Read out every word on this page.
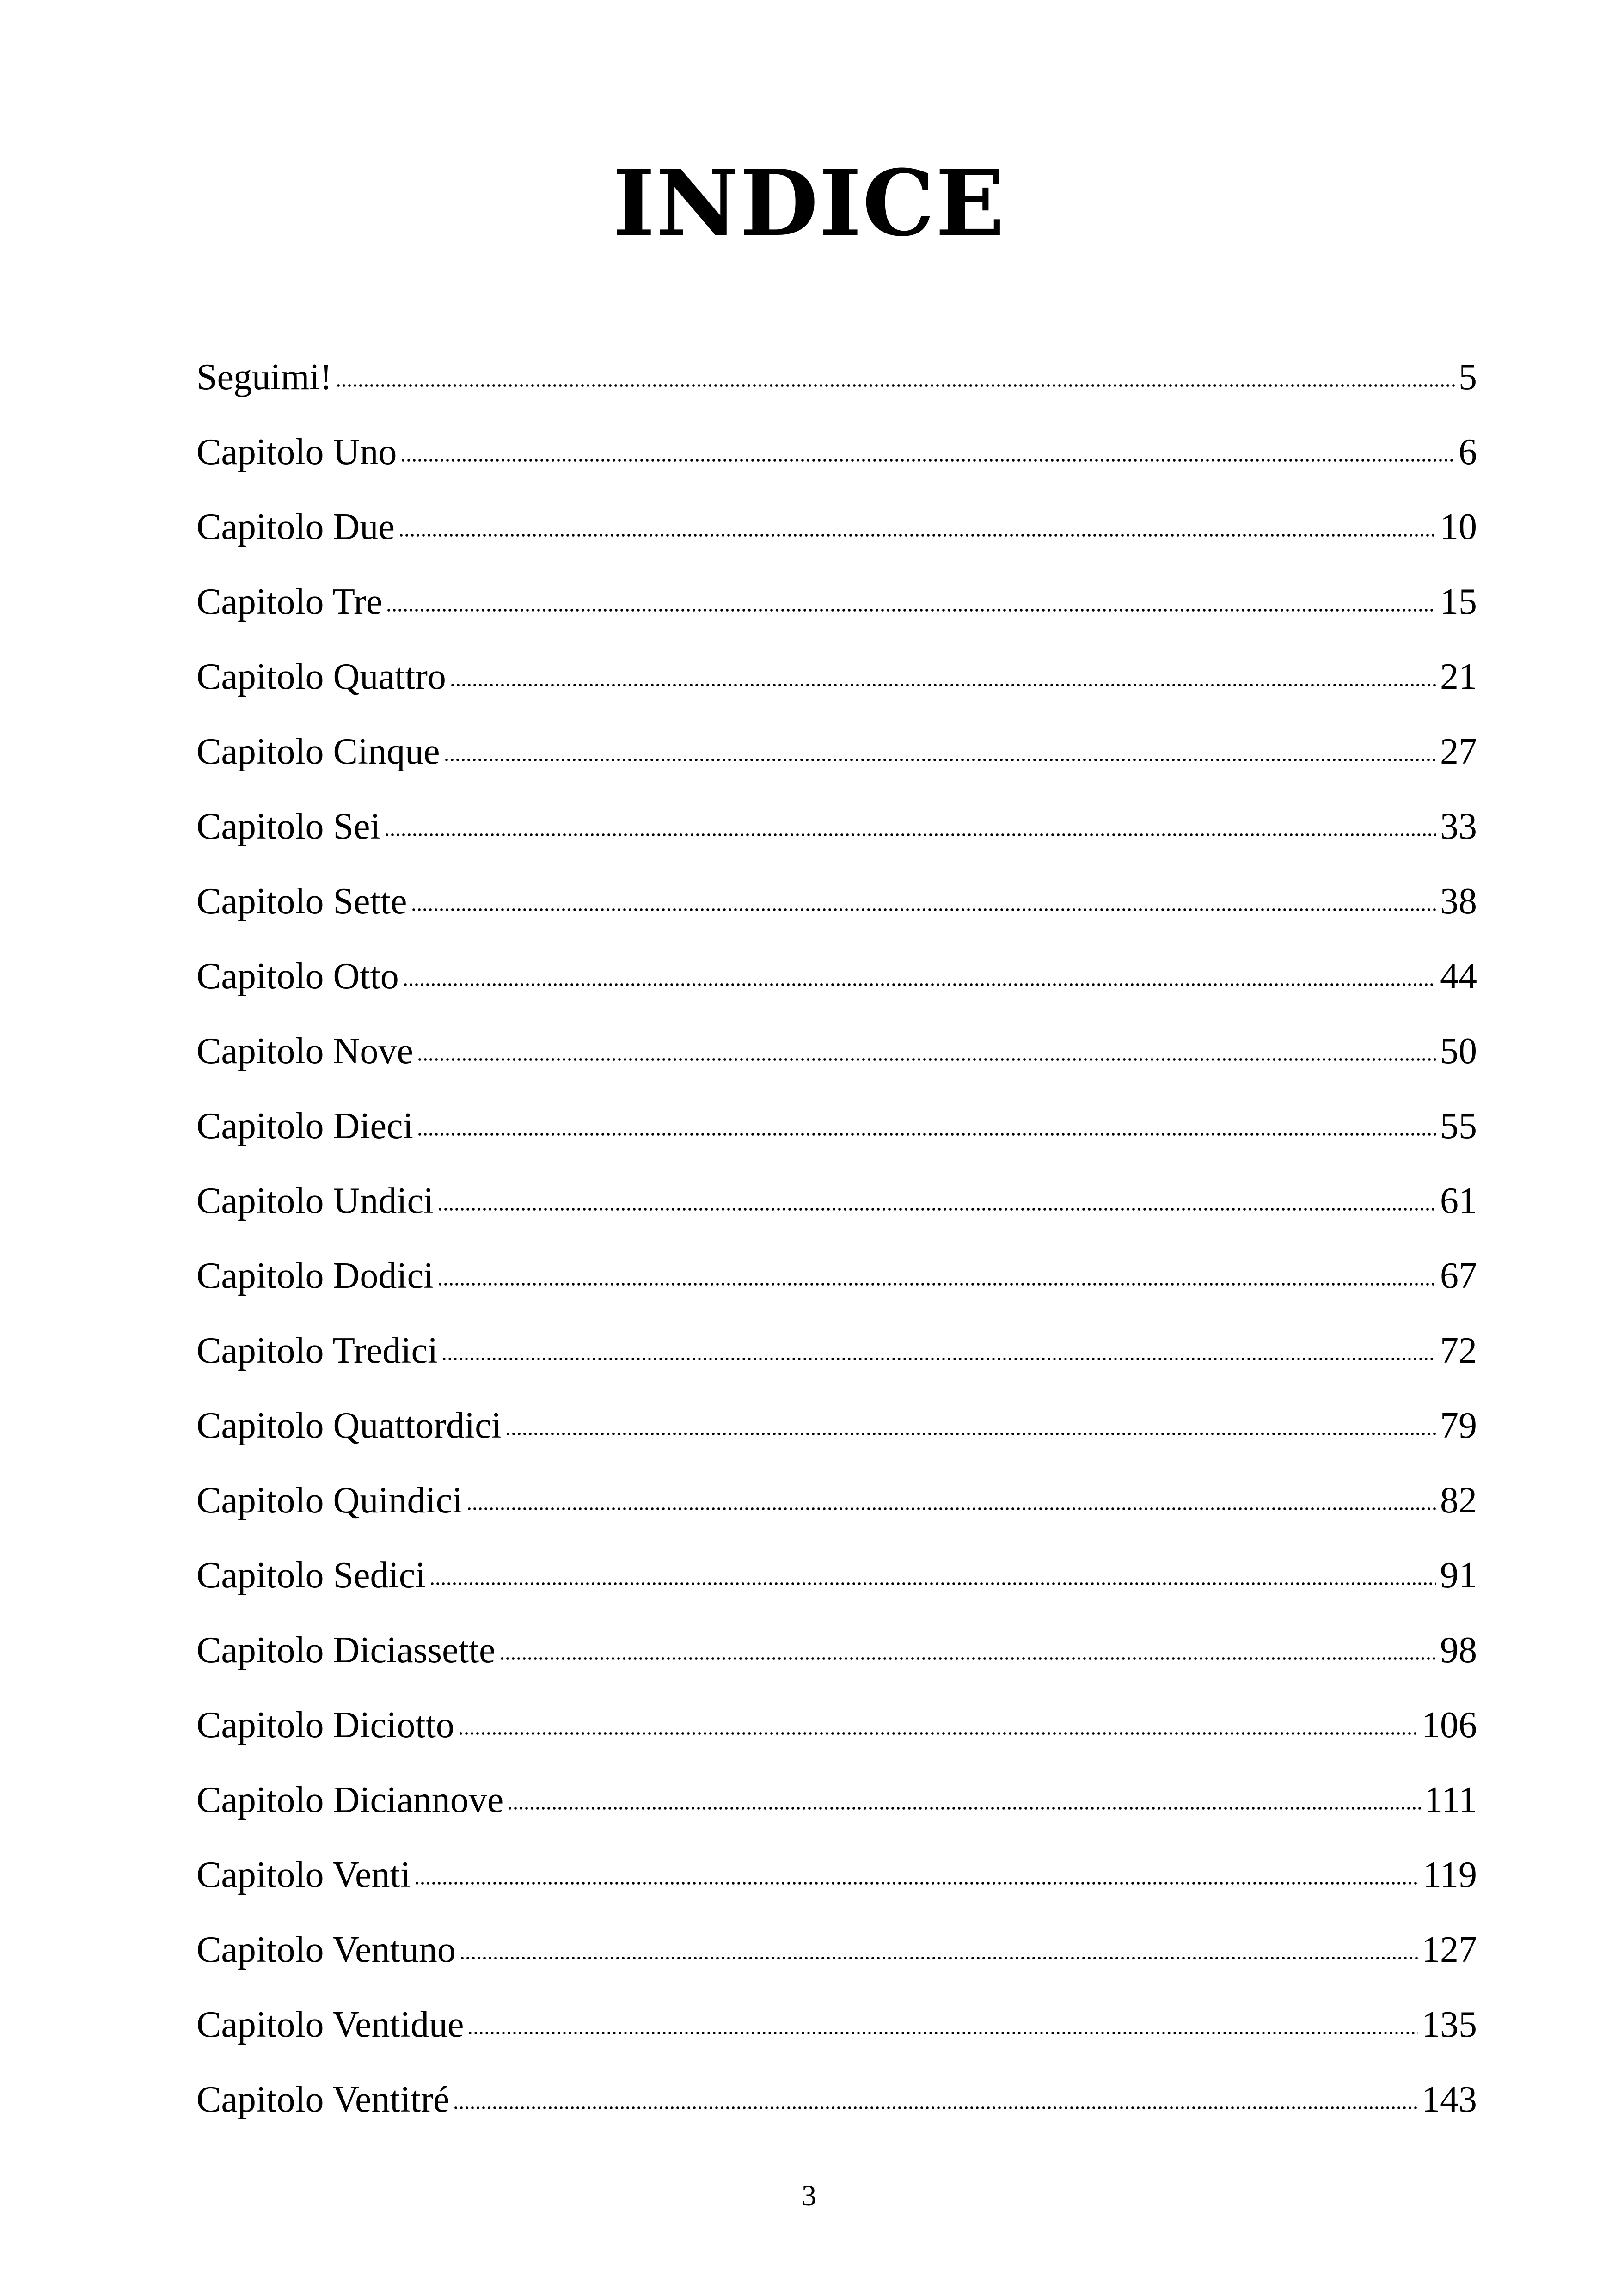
INDICE
Seguimi!	5
Capitolo Uno	6
Capitolo Due	10
Capitolo Tre	15
Capitolo Quattro	21
Capitolo Cinque	27
Capitolo Sei	33
Capitolo Sette	38
Capitolo Otto	44
Capitolo Nove	50
Capitolo Dieci	55
Capitolo Undici	61
Capitolo Dodici	67
Capitolo Tredici	72
Capitolo Quattordici	79
Capitolo Quindici	82
Capitolo Sedici	91
Capitolo Diciassette	98
Capitolo Diciotto	106
Capitolo Diciannove	111
Capitolo Venti	119
Capitolo Ventuno	127
Capitolo Ventidue	135
Capitolo Ventitré	143
3
